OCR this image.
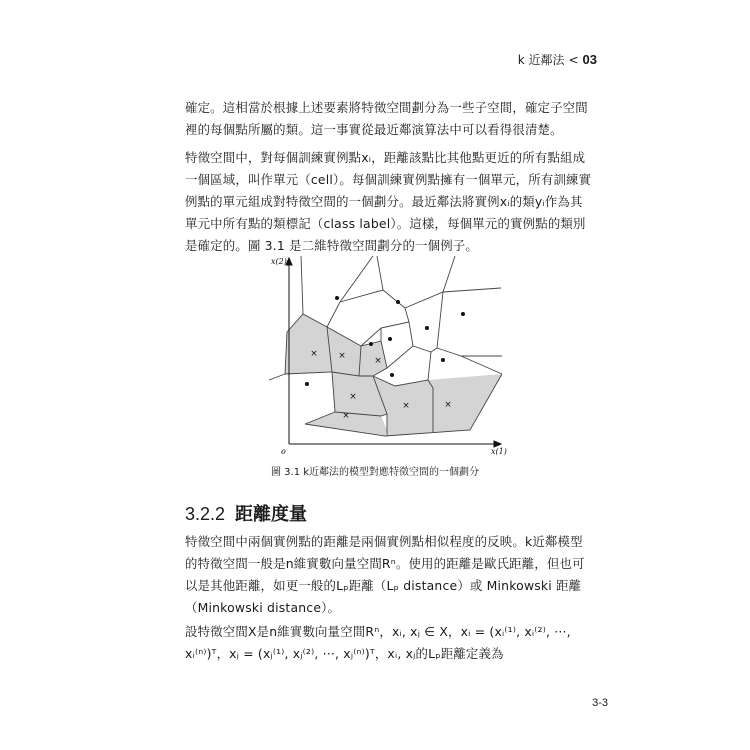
k 近鄰法 < 03

確定。這相當於根據上述要素將特徵空間劃分為一些子空間，確定子空間裡的每個點所屬的類。這一事實從最近鄰演算法中可以看得很清楚。

特徵空間中，對每個訓練實例點xᵢ，距離該點比其他點更近的所有點組成一個區域，叫作單元（cell）。每個訓練實例點擁有一個單元，所有訓練實例點的單元組成對特徵空間的一個劃分。最近鄰法將實例xᵢ的類yᵢ作為其單元中所有點的類標記（class label）。這樣，每個單元的實例點的類別是確定的。圖 3.1 是二維特徵空間劃分的一個例子。

× ×	×
×
×
×	×
x(2)
x(1)
o
圖 3.1 k近鄰法的模型對應特徵空間的一個劃分
3.2.2 距離度量

特徵空間中兩個實例點的距離是兩個實例點相似程度的反映。k近鄰模型的特徵空間一般是n維實數向量空間Rⁿ。使用的距離是歐氏距離，但也可以是其他距離，如更一般的Lₚ距離（Lₚ distance）或 Minkowski 距離（Minkowski distance）。

設特徵空間X是n維實數向量空間Rⁿ，xᵢ, xⱼ ∈ X，xᵢ = (xᵢ⁽¹⁾, xᵢ⁽²⁾, ···, xᵢ⁽ⁿ⁾)ᵀ，xⱼ = (xⱼ⁽¹⁾, xⱼ⁽²⁾, ···, xⱼ⁽ⁿ⁾)ᵀ，xᵢ, xⱼ的Lₚ距離定義為

3-3
